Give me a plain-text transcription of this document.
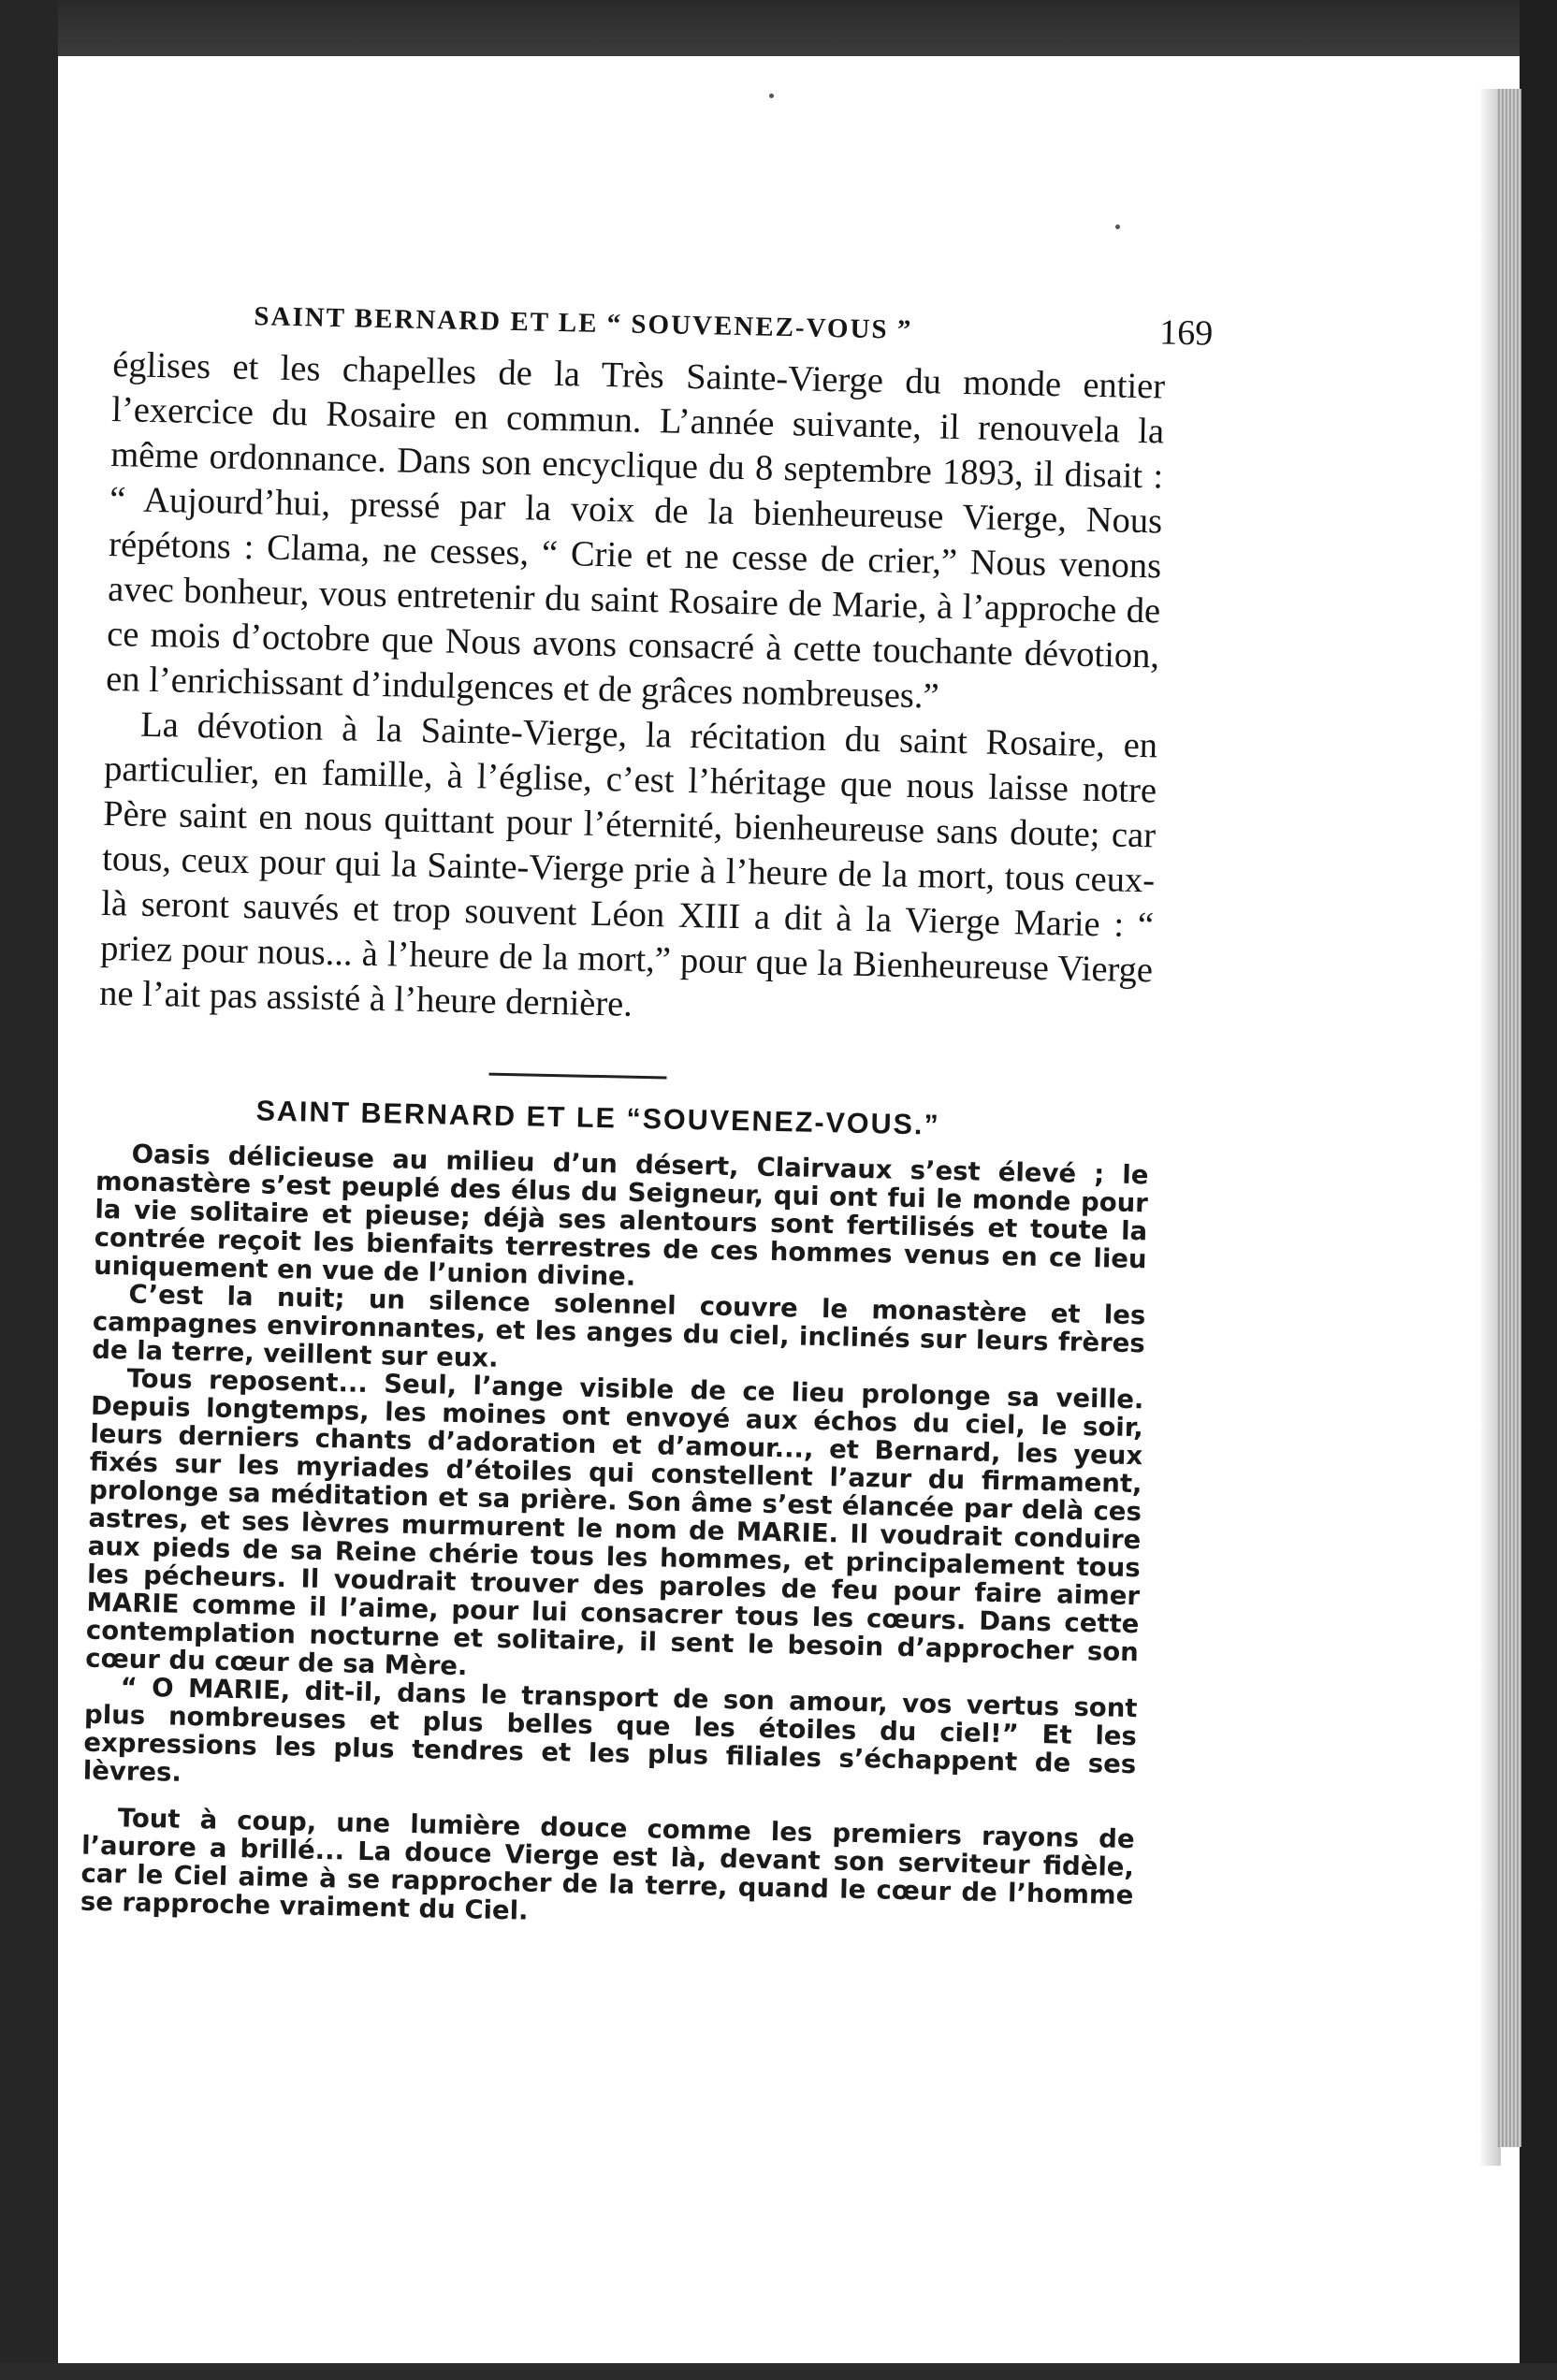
SAINT BERNARD ET LE “ SOUVENEZ-VOUS ”	169

églises et les chapelles de la Très Sainte-Vierge du monde entier l’exercice du Rosaire en commun. L’année suivante, il renouvela la même ordonnance. Dans son encyclique du 8 septembre 1893, il disait : “ Aujourd’hui, pressé par la voix de la bienheureuse Vierge, Nous répétons : Clama, ne cesses, “ Crie et ne cesse de crier,” Nous venons avec bonheur, vous entretenir du saint Rosaire de Marie, à l’approche de ce mois d’octobre que Nous avons consacré à cette touchante dévotion, en l’enrichissant d’indulgences et de grâces nombreuses.”

La dévotion à la Sainte-Vierge, la récitation du saint Rosaire, en particulier, en famille, à l’église, c’est l’héritage que nous laisse notre Père saint en nous quittant pour l’éternité, bienheureuse sans doute; car tous, ceux pour qui la Sainte-Vierge prie à l’heure de la mort, tous ceux-là seront sauvés et trop souvent Léon XIII a dit à la Vierge Marie : “ priez pour nous... à l’heure de la mort,” pour que la Bienheureuse Vierge ne l’ait pas assisté à l’heure dernière.

SAINT BERNARD ET LE “SOUVENEZ-VOUS.”

Oasis délicieuse au milieu d’un désert, Clairvaux s’est élevé ; le monastère s’est peuplé des élus du Seigneur, qui ont fui le monde pour la vie solitaire et pieuse; déjà ses alentours sont fertilisés et toute la contrée reçoit les bienfaits terrestres de ces hommes venus en ce lieu uniquement en vue de l’union divine.

C’est la nuit; un silence solennel couvre le monastère et les campagnes environnantes, et les anges du ciel, inclinés sur leurs frères de la terre, veillent sur eux.

Tous reposent... Seul, l’ange visible de ce lieu prolonge sa veille. Depuis longtemps, les moines ont envoyé aux échos du ciel, le soir, leurs derniers chants d’adoration et d’amour..., et Bernard, les yeux fixés sur les myriades d’étoiles qui constellent l’azur du firmament, prolonge sa méditation et sa prière. Son âme s’est élancée par delà ces astres, et ses lèvres murmurent le nom de MARIE. Il voudrait conduire aux pieds de sa Reine chérie tous les hommes, et principalement tous les pécheurs. Il voudrait trouver des paroles de feu pour faire aimer MARIE comme il l’aime, pour lui consacrer tous les cœurs. Dans cette contemplation nocturne et solitaire, il sent le besoin d’approcher son cœur du cœur de sa Mère.

“ O MARIE, dit-il, dans le transport de son amour, vos vertus sont plus nombreuses et plus belles que les étoiles du ciel!” Et les expressions les plus tendres et les plus filiales s’échappent de ses lèvres.

Tout à coup, une lumière douce comme les premiers rayons de l’aurore a brillé... La douce Vierge est là, devant son serviteur fidèle, car le Ciel aime à se rapprocher de la terre, quand le cœur de l’homme se rapproche vraiment du Ciel.
